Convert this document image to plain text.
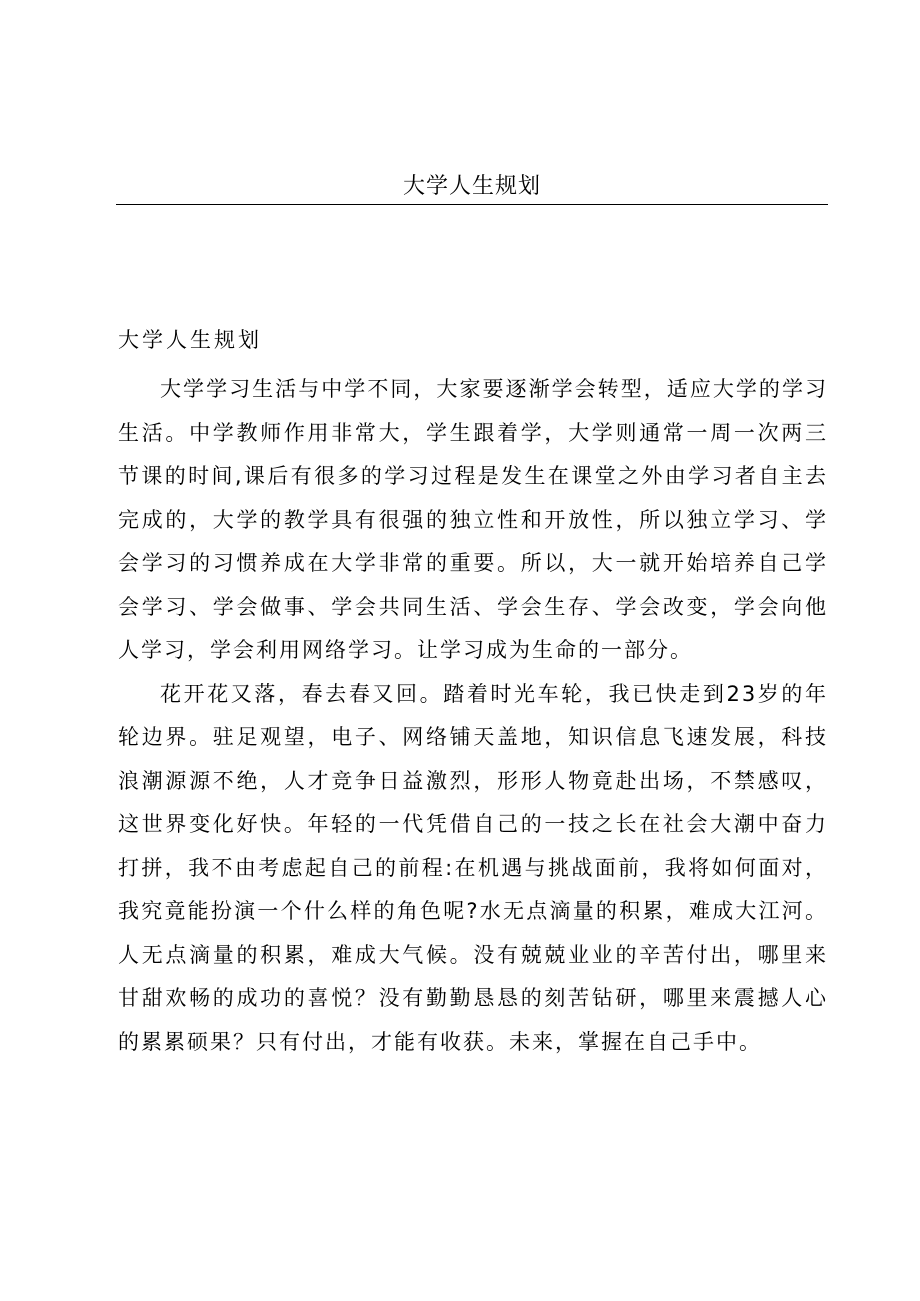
大学人生规划
大学人生规划

大学学习生活与中学不同，大家要逐渐学会转型，适应大学的学习生活。中学教师作用非常大，学生跟着学，大学则通常一周一次两三节课的时间,课后有很多的学习过程是发生在课堂之外由学习者自主去完成的，大学的教学具有很强的独立性和开放性，所以独立学习、学会学习的习惯养成在大学非常的重要。所以，大一就开始培养自己学会学习、学会做事、学会共同生活、学会生存、学会改变，学会向他人学习，学会利用网络学习。让学习成为生命的一部分。

花开花又落，春去春又回。踏着时光车轮，我已快走到23岁的年轮边界。驻足观望，电子、网络铺天盖地，知识信息飞速发展，科技浪潮源源不绝，人才竞争日益激烈，形形人物竟赴出场，不禁感叹，这世界变化好快。年轻的一代凭借自己的一技之长在社会大潮中奋力打拼，我不由考虑起自己的前程:在机遇与挑战面前，我将如何面对，我究竟能扮演一个什么样的角色呢?水无点滴量的积累，难成大江河。人无点滴量的积累，难成大气候。没有兢兢业业的辛苦付出，哪里来甘甜欢畅的成功的喜悦？没有勤勤恳恳的刻苦钻研，哪里来震撼人心的累累硕果？只有付出，才能有收获。未来，掌握在自己手中。
